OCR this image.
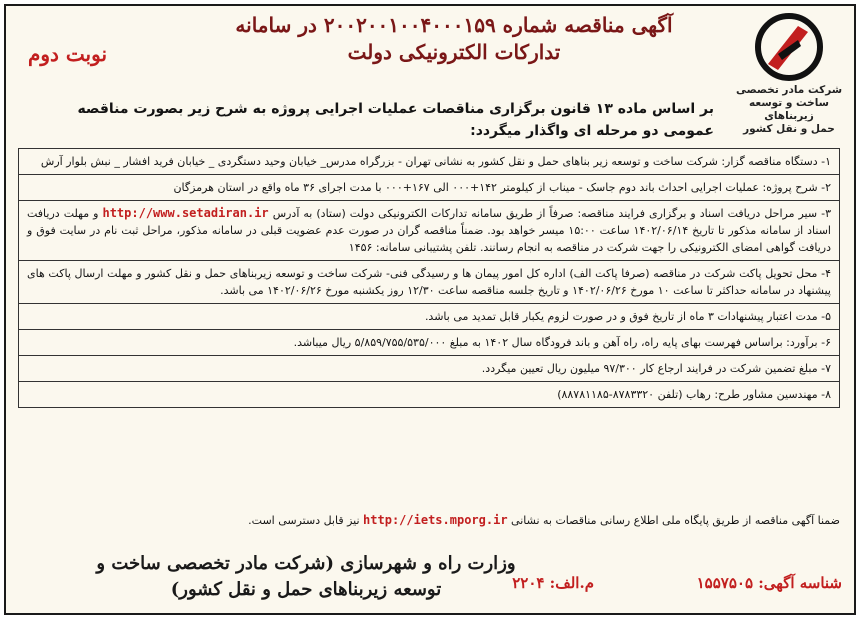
شرکت مادر تخصصی
ساخت و توسعه زیربناهای
حمل و نقل کشور
آگهی مناقصه شماره ۲۰۰۲۰۰۱۰۰۴۰۰۰۱۵۹ در سامانه
تدارکات الکترونیکی دولت
نوبت دوم
بر اساس ماده ۱۳ قانون برگزاری مناقصات عملیات اجرایی پروژه به شرح زیر بصورت مناقصه عمومی دو مرحله ای واگذار میگردد:
۱- دستگاه مناقصه گزار: شرکت ساخت و توسعه زیر بناهای حمل و نقل کشور به نشانی تهران - بزرگراه مدرس_ خیابان وحید دستگردی _ خیابان فرید افشار _ نبش بلوار آرش
۲- شرح پروژه: عملیات اجرایی احداث باند دوم جاسک - میناب از کیلومتر ۱۴۲+۰۰۰ الی ۱۶۷+۰۰۰ با مدت اجرای ۳۶ ماه واقع در استان هرمزگان
۳- سیر مراحل دریافت اسناد و برگزاری فرایند مناقصه: صرفاً از طریق سامانه تدارکات الکترونیکی دولت (ستاد) به آدرس http://www.setadiran.ir و مهلت دریافت اسناد از سامانه مذکور تا تاریخ ۱۴۰۲/۰۶/۱۴ ساعت ۱۵:۰۰ میسر خواهد بود. ضمناً مناقصه گران در صورت عدم عضویت قبلی در سامانه مذکور، مراحل ثبت نام در سایت فوق و دریافت گواهی امضای الکترونیکی را جهت شرکت در مناقصه به انجام رسانند. تلفن پشتیبانی سامانه: ۱۴۵۶
۴- محل تحویل پاکت شرکت در مناقصه (صرفا پاکت الف) اداره کل امور پیمان ها و رسیدگی فنی- شرکت ساخت و توسعه زیربناهای حمل و نقل کشور و مهلت ارسال پاکت های پیشنهاد در سامانه حداکثر تا ساعت ۱۰ مورخ ۱۴۰۲/۰۶/۲۶ و تاریخ جلسه مناقصه ساعت ۱۲/۳۰ روز یکشنبه مورخ ۱۴۰۲/۰۶/۲۶ می باشد.
۵- مدت اعتبار پیشنهادات ۳ ماه از تاریخ فوق و در صورت لزوم یکبار قابل تمدید می باشد.
۶- برآورد: براساس فهرست بهای پایه راه، راه آهن و باند فرودگاه سال ۱۴۰۲ به مبلغ ۵/۸۵۹/۷۵۵/۵۳۵/۰۰۰ ریال میباشد.
۷- مبلغ تضمین شرکت در فرایند ارجاع کار ۹۷/۳۰۰ میلیون ریال تعیین میگردد.
۸- مهندسین مشاور طرح: رهاب (تلفن ۸۷۸۳۳۲۰-۸۸۷۸۱۱۸۵)
ضمنا آگهی مناقصه از طریق پایگاه ملی اطلاع رسانی مناقصات به نشانی http://iets.mporg.ir نیز قابل دسترسی است.
وزارت راه و شهرسازی (شرکت مادر تخصصی ساخت و
توسعه زیربناهای حمل و نقل کشور)	شناسه آگهی: ۱۵۵۷۵۰۵
م.الف: ۲۲۰۴
